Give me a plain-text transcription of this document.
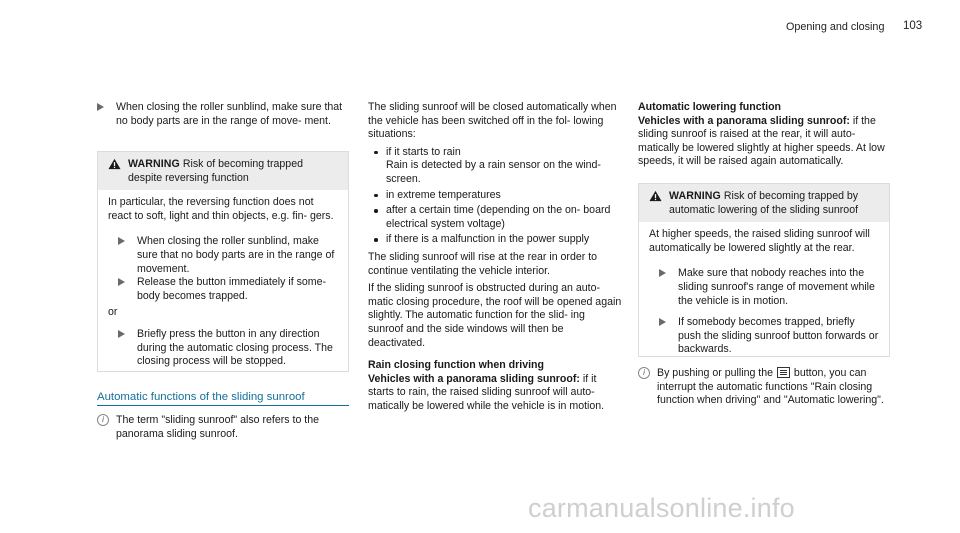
Opening and closing 103
When closing the roller sunblind, make sure that no body parts are in the range of move- ment.
WARNING Risk of becoming trapped despite reversing function
In particular, the reversing function does not react to soft, light and thin objects, e.g. fin- gers.
When closing the roller sunblind, make sure that no body parts are in the range of movement.
Release the button immediately if some- body becomes trapped.
or
Briefly press the button in any direction during the automatic closing process. The closing process will be stopped.
Automatic functions of the sliding sunroof
i	The term "sliding sunroof" also refers to the panorama sliding sunroof.
The sliding sunroof will be closed automatically when the vehicle has been switched off in the fol- lowing situations:
if it starts to rain
Rain is detected by a rain sensor on the wind- screen.
in extreme temperatures
after a certain time (depending on the on- board electrical system voltage)
if there is a malfunction in the power supply
The sliding sunroof will rise at the rear in order to continue ventilating the vehicle interior.
If the sliding sunroof is obstructed during an auto- matic closing procedure, the roof will be opened again slightly. The automatic function for the slid- ing sunroof and the side windows will then be deactivated.
Rain closing function when driving
Vehicles with a panorama sliding sunroof: if it starts to rain, the raised sliding sunroof will auto- matically be lowered while the vehicle is in motion.
Automatic lowering function
Vehicles with a panorama sliding sunroof: if the sliding sunroof is raised at the rear, it will auto- matically be lowered slightly at higher speeds. At low speeds, it will be raised again automatically.
WARNING Risk of becoming trapped by automatic lowering of the sliding sunroof
At higher speeds, the raised sliding sunroof will automatically be lowered slightly at the rear.
Make sure that nobody reaches into the sliding sunroof's range of movement while the vehicle is in motion.
If somebody becomes trapped, briefly push the sliding sunroof button forwards or backwards.
i	By pushing or pulling the  button, you can interrupt the automatic functions "Rain closing function when driving" and "Automatic lowering".
carmanualsonline.info
